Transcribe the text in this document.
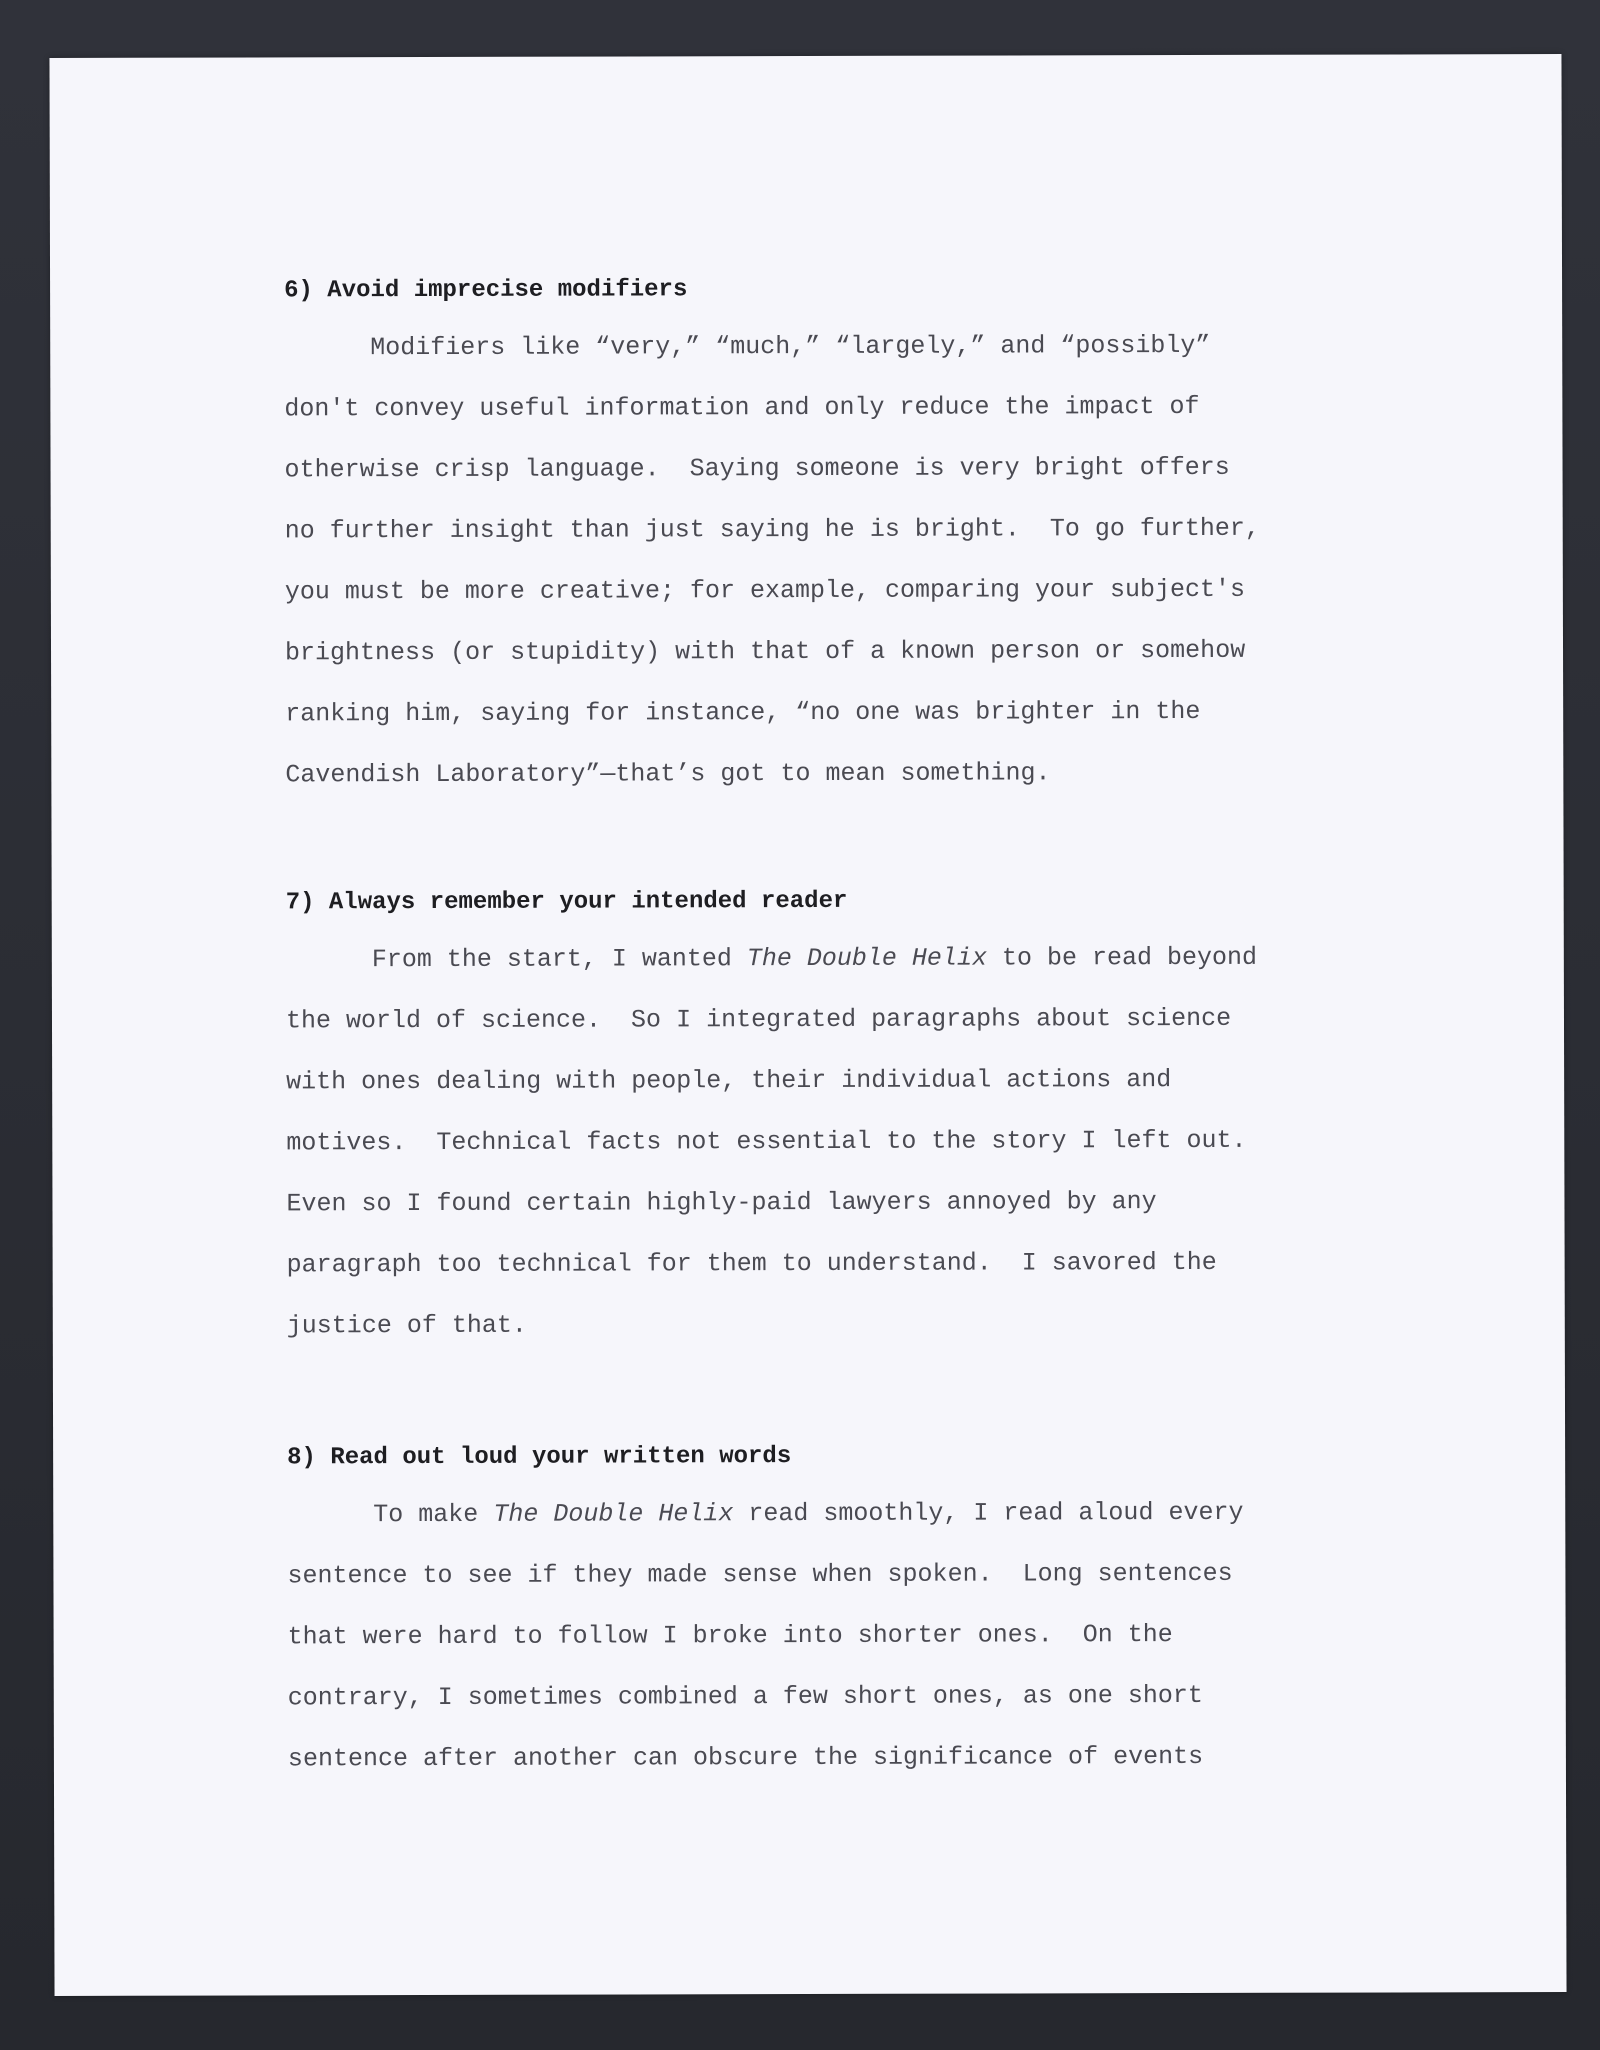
6) Avoid imprecise modifiers
Modifiers like “very,” “much,” “largely,” and “possibly”
don't convey useful information and only reduce the impact of
otherwise crisp language.  Saying someone is very bright offers
no further insight than just saying he is bright.  To go further,
you must be more creative; for example, comparing your subject's
brightness (or stupidity) with that of a known person or somehow
ranking him, saying for instance, “no one was brighter in the
Cavendish Laboratory”—that’s got to mean something.
7) Always remember your intended reader
From the start, I wanted The Double Helix to be read beyond
the world of science.  So I integrated paragraphs about science
with ones dealing with people, their individual actions and
motives.  Technical facts not essential to the story I left out.
Even so I found certain highly-paid lawyers annoyed by any
paragraph too technical for them to understand.  I savored the
justice of that.
8) Read out loud your written words
To make The Double Helix read smoothly, I read aloud every
sentence to see if they made sense when spoken.  Long sentences
that were hard to follow I broke into shorter ones.  On the
contrary, I sometimes combined a few short ones, as one short
sentence after another can obscure the significance of events
